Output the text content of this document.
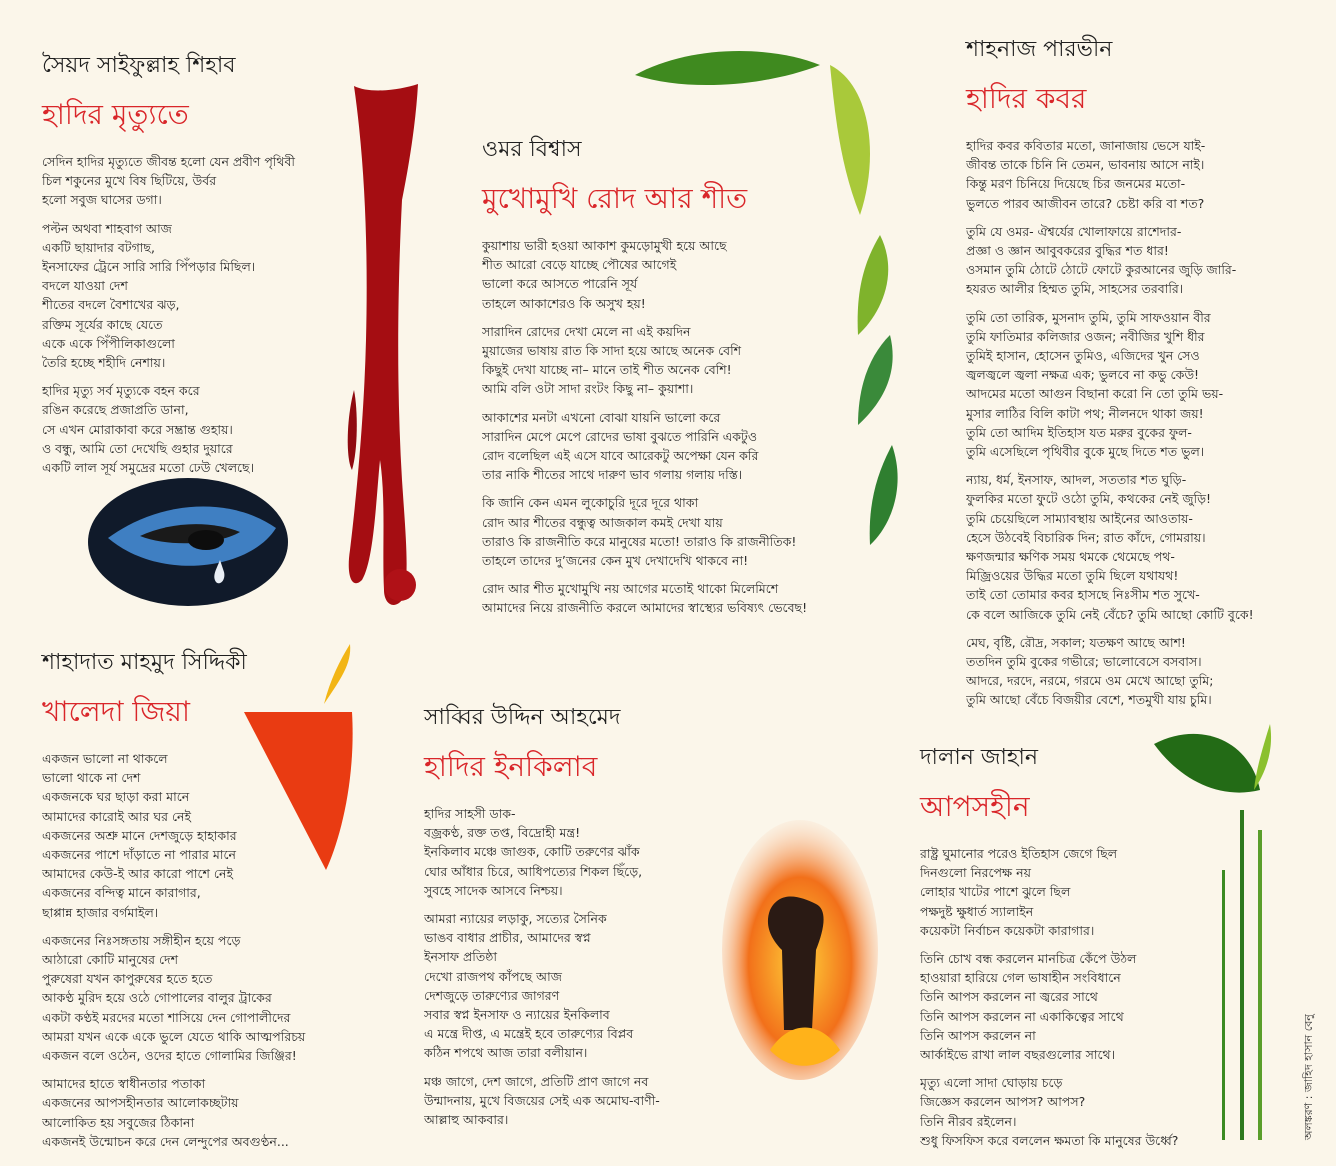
সৈয়দ সাইফুল্লাহ শিহাব
হাদির মৃত্যুতে
সেদিন হাদির মৃত্যুতে জীবন্ত হলো যেন প্রবীণ পৃথিবী
চিল শকুনের মুখে বিষ ছিটিয়ে, উর্বর
হলো সবুজ ঘাসের ডগা।
পল্টন অথবা শাহবাগ আজ
একটি ছায়াদার বটগাছ,
ইনসাফের ট্রেনে সারি সারি পিঁপড়ার মিছিল।
বদলে যাওয়া দেশ
শীতের বদলে বৈশাখের ঝড়,
রক্তিম সূর্যের কাছে যেতে
একে একে পিঁপীলিকাগুলো
তৈরি হচ্ছে শহীদি নেশায়।
হাদির মৃত্যু সর্ব মৃত্যুকে বহন করে
রঙিন করেছে প্রজাপ্রতি ডানা,
সে এখন মোরাকাবা করে সম্ভ্রান্ত গুহায়।
ও বন্ধু, আমি তো দেখেছি গুহার দুয়ারে
একটি লাল সূর্য সমুদ্রের মতো ঢেউ খেলছে।
ওমর বিশ্বাস
মুখোমুখি রোদ আর শীত
কুয়াশায় ভারী হওয়া আকাশ কুমড়োমুখী হয়ে আছে
শীত আরো বেড়ে যাচ্ছে পৌষের আগেই
ভালো করে আসতে পারেনি সূর্য
তাহলে আকাশেরও কি অসুখ হয়!
সারাদিন রোদের দেখা মেলে না এই কয়দিন
মুয়াজের ভাষায় রাত কি সাদা হয়ে আছে অনেক বেশি
কিছুই দেখা যাচ্ছে না– মানে তাই শীত অনেক বেশি!
আমি বলি ওটা সাদা রংটং কিছু না– কুয়াশা।
আকাশের মনটা এখনো বোঝা যায়নি ভালো করে
সারাদিন মেপে মেপে রোদের ভাষা বুঝতে পারিনি একটুও
রোদ বলেছিল এই এসে যাবে আরেকটু অপেক্ষা যেন করি
তার নাকি শীতের সাথে দারুণ ভাব গলায় গলায় দস্তি।
কি জানি কেন এমন লুকোচুরি দূরে দূরে থাকা
রোদ আর শীতের বন্ধুত্ব আজকাল কমই দেখা যায়
তারাও কি রাজনীতি করে মানুষের মতো! তারাও কি রাজনীতিক!
তাহলে তাদের দু’জনের কেন মুখ দেখাদেখি থাকবে না!
রোদ আর শীত মুখোমুখি নয় আগের মতোই থাকো মিলেমিশে
আমাদের নিয়ে রাজনীতি করলে আমাদের স্বাস্থ্যের ভবিষ্যৎ ভেবেছ!
শাহনাজ পারভীন
হাদির কবর
হাদির কবর কবিতার মতো, জানাজায় ভেসে যাই-
জীবন্ত তাকে চিনি নি তেমন, ভাবনায় আসে নাই।
কিন্তু মরণ চিনিয়ে দিয়েছে চির জনমের মতো-
ভুলতে পারব আজীবন তারে? চেষ্টা করি বা শত?
তুমি যে ওমর- ঐশ্বর্যের খোলাফায়ে রাশেদার-
প্রজ্ঞা ও জ্ঞান আবুবকরের বুদ্ধির শত ধার!
ওসমান তুমি ঠোটে ঠোটে ফোটে কুরআনের জুড়ি জারি-
হযরত আলীর হিম্মত তুমি, সাহসের তরবারি।
তুমি তো তারিক, মুসনাদ তুমি, তুমি সাফওয়ান বীর
তুমি ফাতিমার কলিজার ওজন; নবীজির খুশি ধীর
তুমিই হাসান, হোসেন তুমিও, এজিদের খুন সেও
জ্বলজ্বলে জ্বলা নক্ষত্র এক; ভুলবে না কভু কেউ!
আদমের মতো আগুন বিছানা করো নি তো তুমি ভয়-
মুসার লাঠির বিলি কাটা পথ; নীলনদে থাকা জয়!
তুমি তো আদিম ইতিহাস যত মরুর বুকের ফুল-
তুমি এসেছিলে পৃথিবীর বুকে মুছে দিতে শত ভুল।
ন্যায়, ধর্ম, ইনসাফ, আদল, সততার শত ঘুড়ি-
ফুলকির মতো ফুটে ওঠো তুমি, কথকের নেই জুড়ি!
তুমি চেয়েছিলে সাম্যাবস্থায় আইনের আওতায়-
হেসে উঠবেই বিচারিক দিন; রাত কাঁদে, গোমরায়।
ক্ষণজন্মার ক্ষণিক সময় থমকে থেমেছে পথ-
মিজ্রিওয়ের উদ্ধির মতো তুমি ছিলে যথাযথ!
তাই তো তোমার কবর হাসছে নিঃসীম শত সুখে-
কে বলে আজিকে তুমি নেই বেঁচে? তুমি আছো কোটি বুকে!
মেঘ, বৃষ্টি, রৌদ্র, সকাল; যতক্ষণ আছে আশ!
ততদিন তুমি বুকের গভীরে; ভালোবেসে বসবাস।
আদরে, দরদে, নরমে, গরমে ওম মেখে আছো তুমি;
তুমি আছো বেঁচে বিজয়ীর বেশে, শতমুখী যায় চুমি।
শাহাদাত মাহমুদ সিদ্দিকী
খালেদা জিয়া
একজন ভালো না থাকলে
ভালো থাকে না দেশ
একজনকে ঘর ছাড়া করা মানে
আমাদের কারোই আর ঘর নেই
একজনের অশ্রু মানে দেশজুড়ে হাহাকার
একজনের পাশে দাঁড়াতে না পারার মানে
আমাদের কেউ-ই আর কারো পাশে নেই
একজনের বন্দিত্ব মানে কারাগার,
ছাপ্পান্ন হাজার বর্গমাইল।
একজনের নিঃসঙ্গতায় সঙ্গীহীন হয়ে পড়ে
আঠারো কোটি মানুষের দেশ
পুরুষেরা যখন কাপুরুষের হতে হতে
আকণ্ঠ মুরিদ হয়ে ওঠে গোপালের বালুর ট্রাকের
একটা কণ্ঠই মরদের মতো শাসিয়ে দেন গোপালীদের
আমরা যখন একে একে ভুলে যেতে থাকি আত্মপরিচয়
একজন বলে ওঠেন, ওদের হাতে গোলামির জিঞ্জির!
আমাদের হাতে স্বাধীনতার পতাকা
একজনের আপসহীনতার আলোকচ্ছটায়
আলোকিত হয় সবুজের ঠিকানা
একজনই উন্মোচন করে দেন লেন্দুপের অবগুণ্ঠন...
সাব্বির উদ্দিন আহমেদ
হাদির ইনকিলাব
হাদির সাহসী ডাক-
বজ্রকণ্ঠ, রক্ত তপ্ত, বিদ্রোহী মন্ত্র!
ইনকিলাব মঞ্চে জাগুক, কোটি তরুণের ঝাঁক
ঘোর আঁধার চিরে, আধিপত্যের শিকল ছিঁড়ে,
সুবহে সাদেক আসবে নিশ্চয়।
আমরা ন্যায়ের লড়াকু, সত্যের সৈনিক
ভাঙব বাধার প্রাচীর, আমাদের স্বপ্ন
ইনসাফ প্রতিষ্ঠা
দেখো রাজপথ কাঁপছে আজ
দেশজুড়ে তারুণ্যের জাগরণ
সবার স্বপ্ন ইনসাফ ও ন্যায়ের ইনকিলাব
এ মন্ত্রে দীপ্ত, এ মন্ত্রেই হবে তারুণ্যের বিপ্লব
কঠিন শপথে আজ তারা বলীয়ান।
মঞ্চ জাগে, দেশ জাগে, প্রতিটি প্রাণ জাগে নব
উন্মাদনায়, মুখে বিজয়ের সেই এক অমোঘ-বাণী-
আল্লাহু আকবার।
দালান জাহান
আপসহীন
রাষ্ট্র ঘুমানোর পরেও ইতিহাস জেগে ছিল
দিনগুলো নিরপেক্ষ নয়
লোহার খাটের পাশে ঝুলে ছিল
পক্ষদুষ্ট ক্ষুধার্ত স্যালাইন
কয়েকটা নির্বাচন কয়েকটা কারাগার।
তিনি চোখ বন্ধ করলেন মানচিত্র কেঁপে উঠল
হাওয়ারা হারিয়ে গেল ভাষাহীন সংবিধানে
তিনি আপস করলেন না জ্বরের সাথে
তিনি আপস করলেন না একাকিত্বের সাথে
তিনি আপস করলেন না
আর্কাইভে রাখা লাল বছরগুলোর সাথে।
মৃত্যু এলো সাদা ঘোড়ায় চড়ে
জিজ্ঞেস করলেন আপস? আপস?
তিনি নীরব রইলেন।
শুধু ফিসফিস করে বললেন ক্ষমতা কি মানুষের উর্ধ্বে?
অলঙ্করণ : জাহিদ হাসান বেনু
